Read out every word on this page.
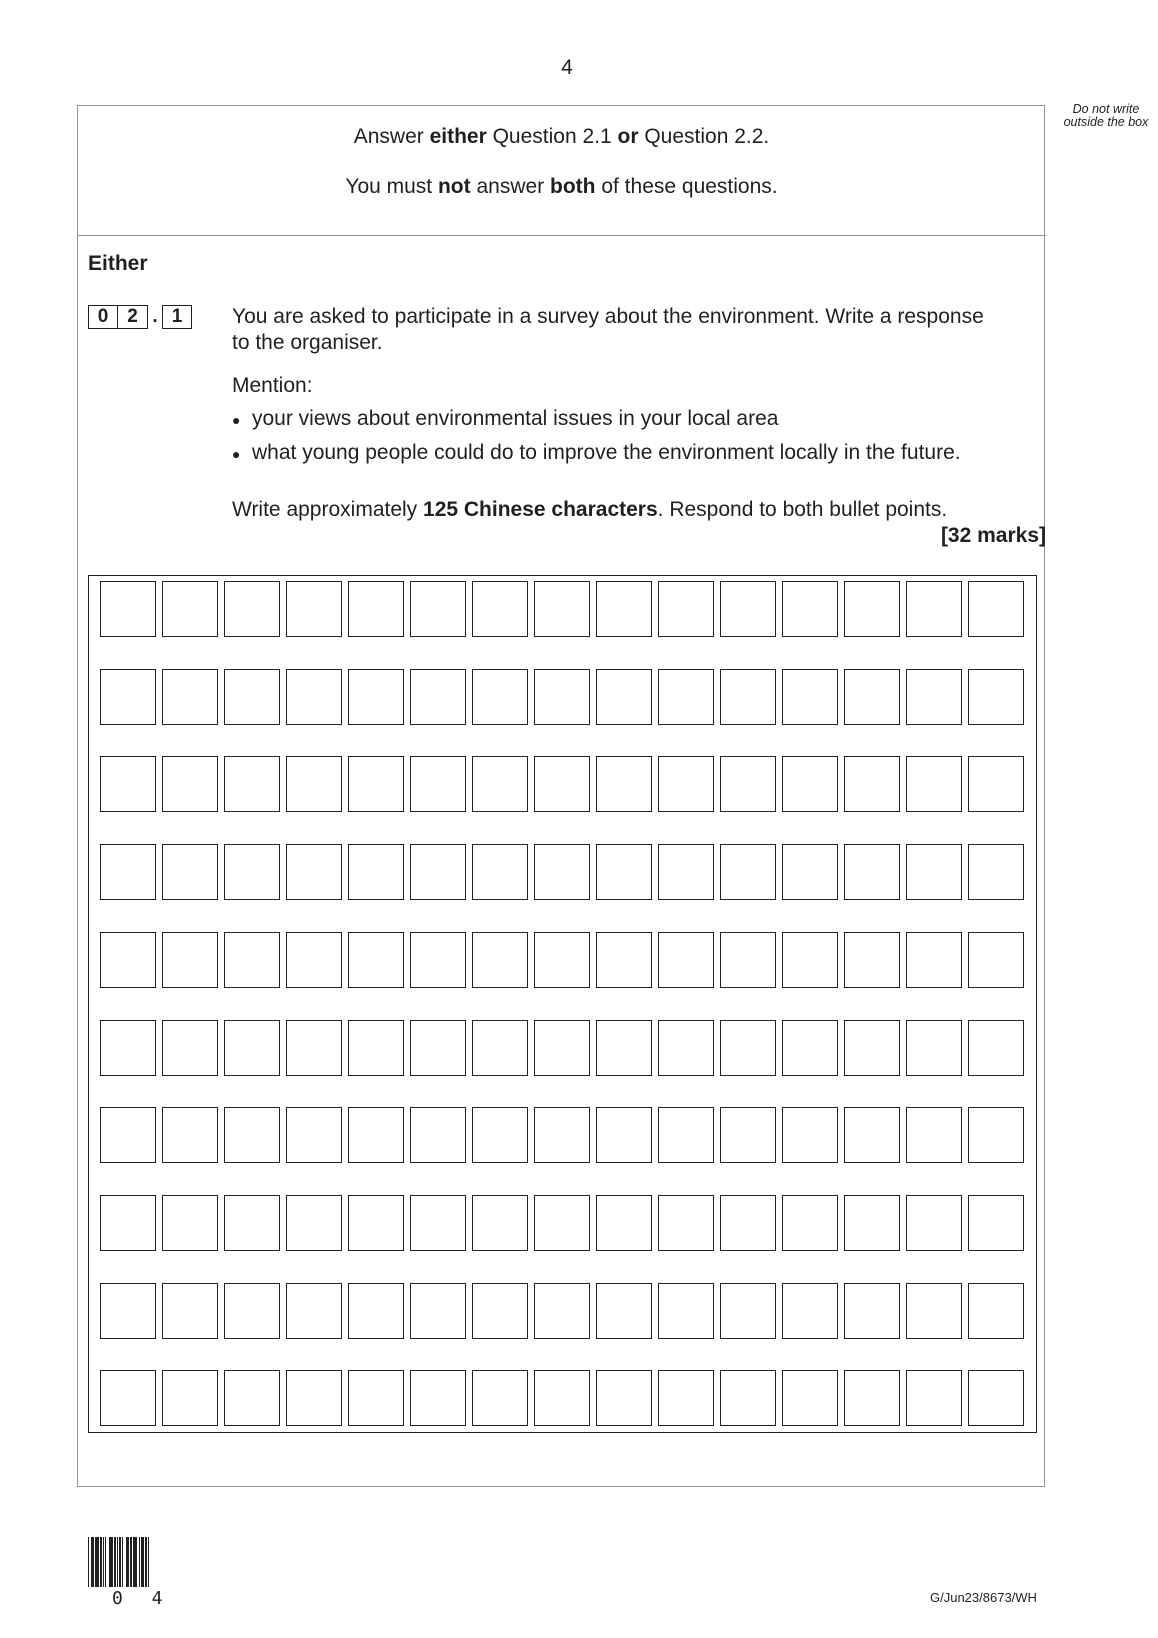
4
Do not write outside the box
Answer either Question 2.1 or Question 2.2.
You must not answer both of these questions.
Either
0 2 . 1	You are asked to participate in a survey about the environment. Write a response
to the organiser.
Mention:
● your views about environmental issues in your local area
● what young people could do to improve the environment locally in the future.
Write approximately 125 Chinese characters. Respond to both bullet points.
[32 marks]
0 4	G/Jun23/8673/WH
